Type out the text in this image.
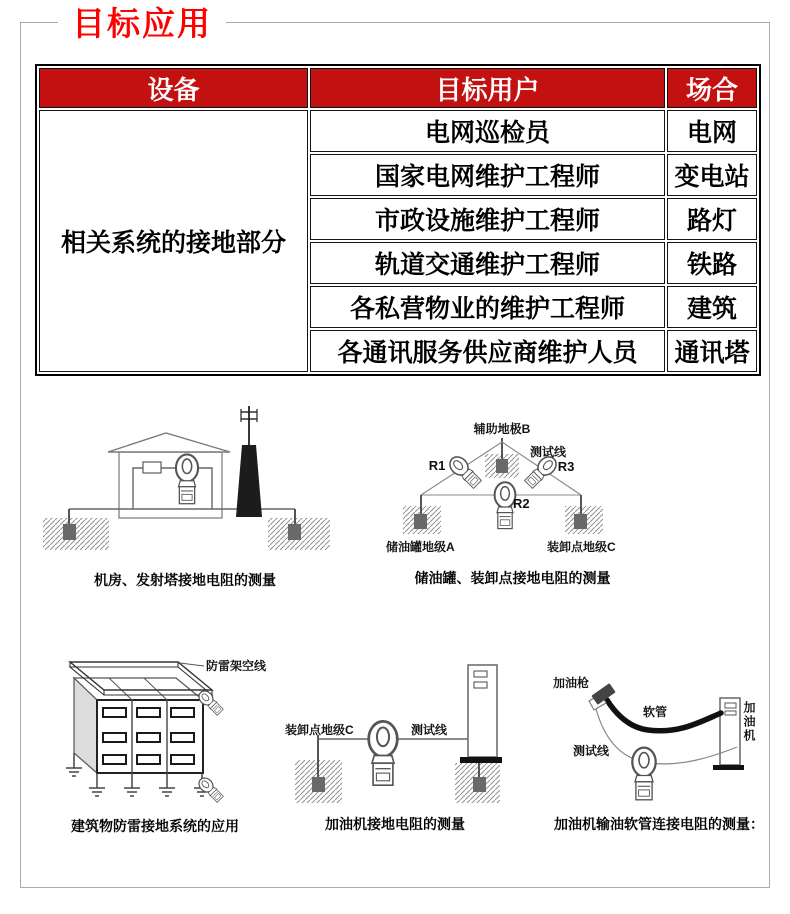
目标应用
设备	目标用户	场合
相关系统的接地部分	电网巡检员	电网
	国家电网维护工程师	变电站
	市政设施维护工程师	路灯
	轨道交通维护工程师	铁路
	各私营物业的维护工程师	建筑
	各通讯服务供应商维护人员	通讯塔
机房、发射塔接地电阻的测量
辅助地极B
测试线
R1	R3
R2
储油罐地级A	装卸点地级C
储油罐、装卸点接地电阻的测量
防雷架空线
建筑物防雷接地系统的应用
装卸点地级C	测试线
加油机接地电阻的测量
加油枪
软管
测试线
加油机
加油机输油软管连接电阻的测量：
